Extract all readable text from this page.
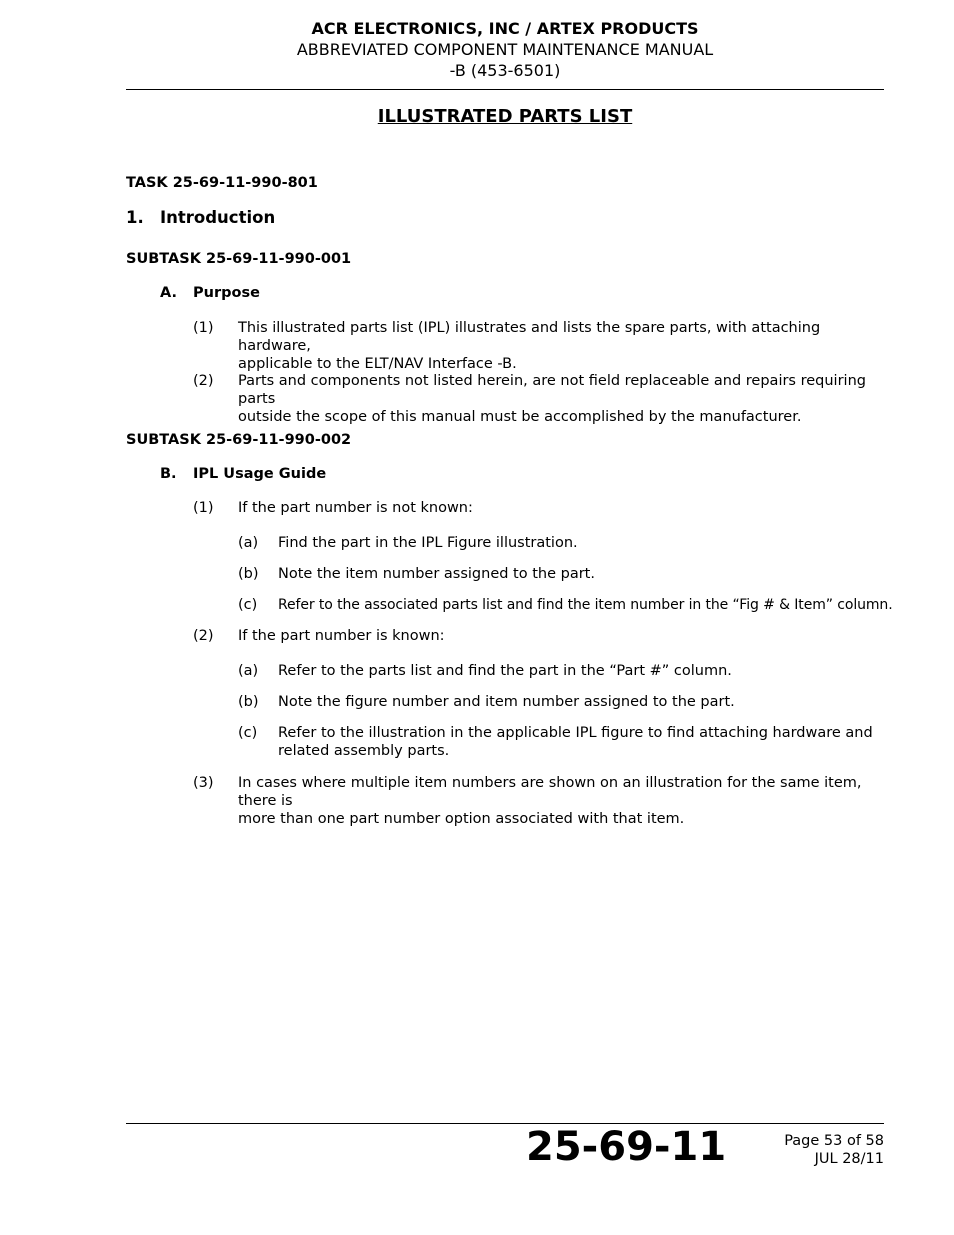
ACR ELECTRONICS, INC / ARTEX PRODUCTS
ABBREVIATED COMPONENT MAINTENANCE MANUAL
-B (453-6501)
ILLUSTRATED PARTS LIST
TASK 25-69-11-990-801
1. Introduction
SUBTASK 25-69-11-990-001
A. Purpose
(1) This illustrated parts list (IPL) illustrates and lists the spare parts, with attaching hardware,
applicable to the ELT/NAV Interface -B.
(2) Parts and components not listed herein, are not field replaceable and repairs requiring parts
outside the scope of this manual must be accomplished by the manufacturer.
SUBTASK 25-69-11-990-002
B. IPL Usage Guide
(1) If the part number is not known:
(a) Find the part in the IPL Figure illustration.
(b) Note the item number assigned to the part.
(c) Refer to the associated parts list and find the item number in the “Fig # & Item” column.
(2) If the part number is known:
(a) Refer to the parts list and find the part in the “Part #” column.
(b) Note the figure number and item number assigned to the part.
(c) Refer to the illustration in the applicable IPL figure to find attaching hardware and
related assembly parts.
(3) In cases where multiple item numbers are shown on an illustration for the same item, there is
more than one part number option associated with that item.
25-69-11	Page 53 of 58
JUL 28/11
